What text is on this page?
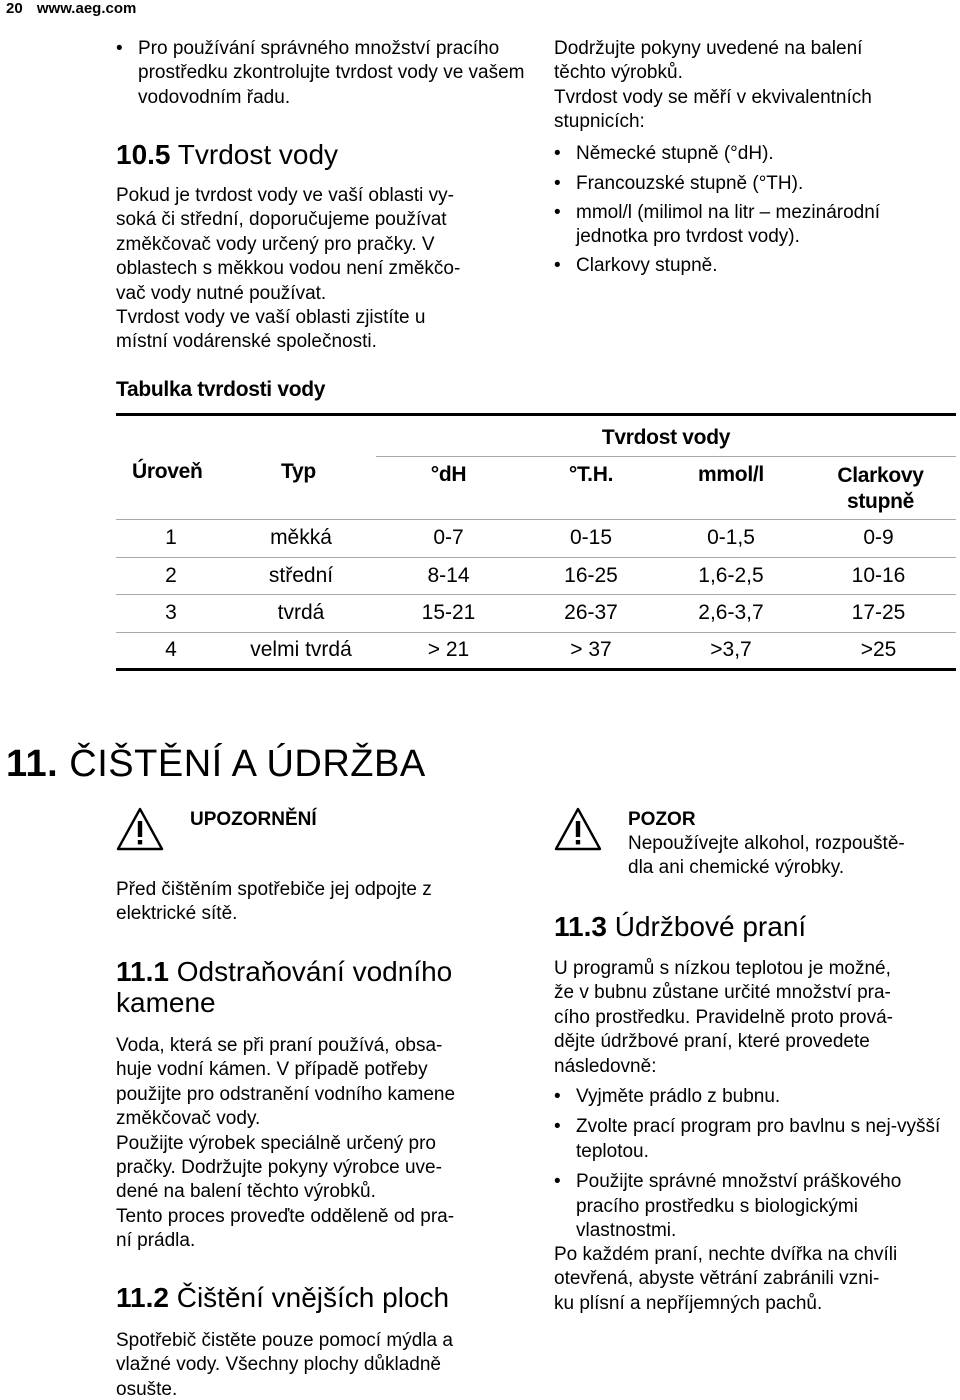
20 www.aeg.com
• Pro používání správného množství pracího prostředku zkontrolujte tvrdost vody ve vašem vodovodním řadu.
10.5 Tvrdost vody
Pokud je tvrdost vody ve vaší oblasti vy-
soká či střední, doporučujeme používat
změkčovač vody určený pro pračky. V
oblastech s měkkou vodou není změkčo-
vač vody nutné používat.
Tvrdost vody ve vaší oblasti zjistíte u
místní vodárenské společnosti.
Dodržujte pokyny uvedené na balení
těchto výrobků.
Tvrdost vody se měří v ekvivalentních
stupnicích:
• Německé stupně (°dH).
• Francouzské stupně (°TH).
• mmol/l (milimol na litr – mezinárodní jednotka pro tvrdost vody).
• Clarkovy stupně.
Tabulka tvrdosti vody
Úroveň	Typ	Tvrdost vody			
		°dH	°T.H.	mmol/l	Clarkovy stupně
1	měkká	0-7	0-15	0-1,5	0-9
2	střední	8-14	16-25	1,6-2,5	10-16
3	tvrdá	15-21	26-37	2,6-3,7	17-25
4	velmi tvrdá	> 21	> 37	>3,7	>25
11. ČIŠTĚNÍ A ÚDRŽBA
UPOZORNĚNÍ
Před čištěním spotřebiče jej odpojte z
elektrické sítě.
11.1 Odstraňování vodního
kamene
Voda, která se při praní používá, obsa-
huje vodní kámen. V případě potřeby
použijte pro odstranění vodního kamene
změkčovač vody.
Použijte výrobek speciálně určený pro
pračky. Dodržujte pokyny výrobce uve-
dené na balení těchto výrobků.
Tento proces proveďte odděleně od pra-
ní prádla.
11.2 Čištění vnějších ploch
Spotřebič čistěte pouze pomocí mýdla a
vlažné vody. Všechny plochy důkladně
osušte.
POZOR
Nepoužívejte alkohol, rozpouště-
dla ani chemické výrobky.
11.3 Údržbové praní
U programů s nízkou teplotou je možné,
že v bubnu zůstane určité množství pra-
cího prostředku. Pravidelně proto prová-
dějte údržbové praní, které provedete
následovně:
• Vyjměte prádlo z bubnu.
• Zvolte prací program pro bavlnu s nej-vyšší teplotou.
• Použijte správné množství práškového pracího prostředku s biologickými vlastnostmi.
Po každém praní, nechte dvířka na chvíli
otevřená, abyste větrání zabránili vzni-
ku plísní a nepříjemných pachů.
